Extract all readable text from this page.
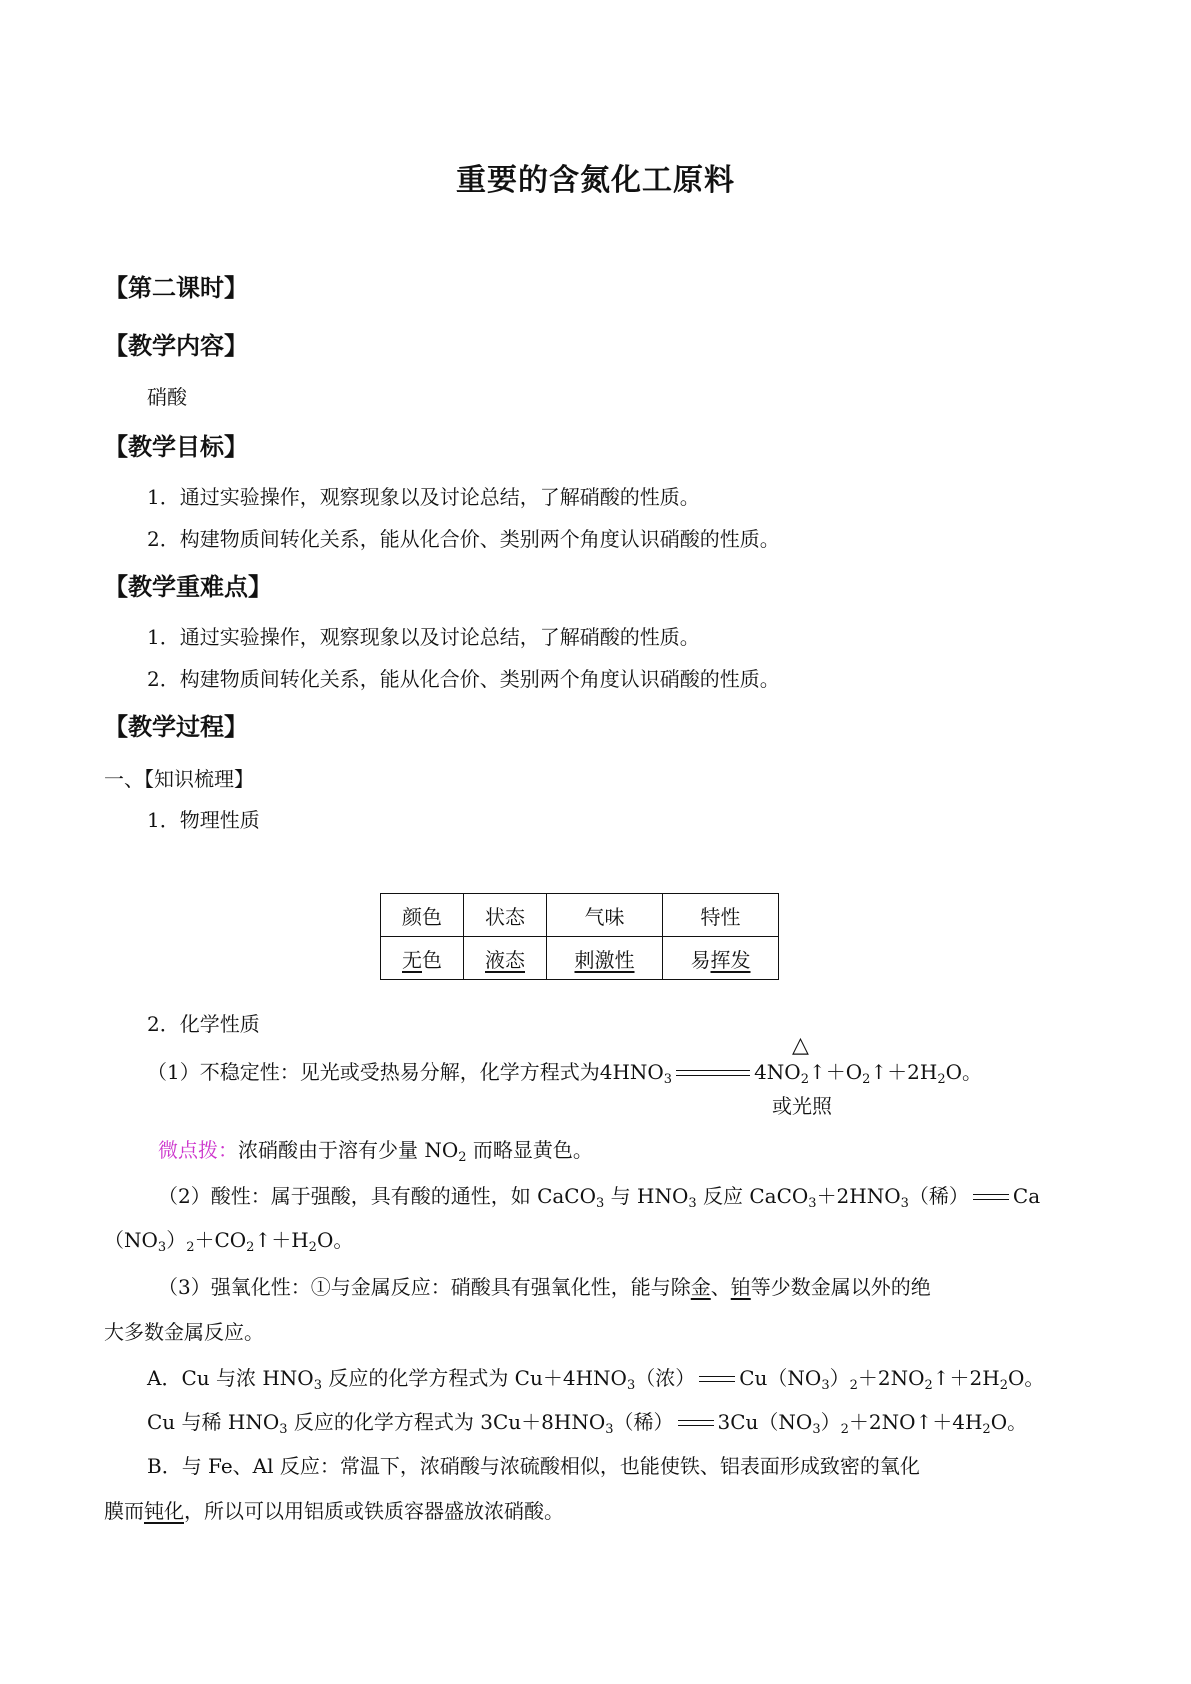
重要的含氮化工原料
【第二课时】
【教学内容】
硝酸
【教学目标】
1．通过实验操作，观察现象以及讨论总结，了解硝酸的性质。
2．构建物质间转化关系，能从化合价、类别两个角度认识硝酸的性质。
【教学重难点】
1．通过实验操作，观察现象以及讨论总结，了解硝酸的性质。
2．构建物质间转化关系，能从化合价、类别两个角度认识硝酸的性质。
【教学过程】
一、【知识梳理】
1．物理性质
颜色	状态	气味	特性
无色	液态	刺激性	易挥发
2．化学性质
（1）不稳定性：见光或受热易分解，化学方程式为$4HNO_3$	$4NO_2↑+O_2↑+2H_2O$。
△
或光照
微点拨：浓硝酸由于溶有少量 $NO_2$ 而略显黄色。
（2）酸性：属于强酸，具有酸的通性，如 CaCO$_3$ 与 $HNO_3$ 反应 $CaCO_3+2HNO_3$（稀） Ca
$(NO_3)_2+CO_2↑+H_2O$。
（3）强氧化性：①与金属反应：硝酸具有强氧化性，能与除金、铂等少数金属以外的绝
大多数金属反应。
A．Cu 与浓 $HNO_3$ 反应的化学方程式为 $Cu+4HNO_3$（浓） $Cu(NO_3)_2+2NO_2↑+2H_2O$。
Cu 与稀 $HNO_3$ 反应的化学方程式为 $3Cu+8HNO_3$（稀） $3Cu(NO_3)_2+2NO↑+4H_2O$。
B．与 Fe、Al 反应：常温下，浓硝酸与浓硫酸相似，也能使铁、铝表面形成致密的氧化
膜而钝化，所以可以用铝质或铁质容器盛放浓硝酸。
